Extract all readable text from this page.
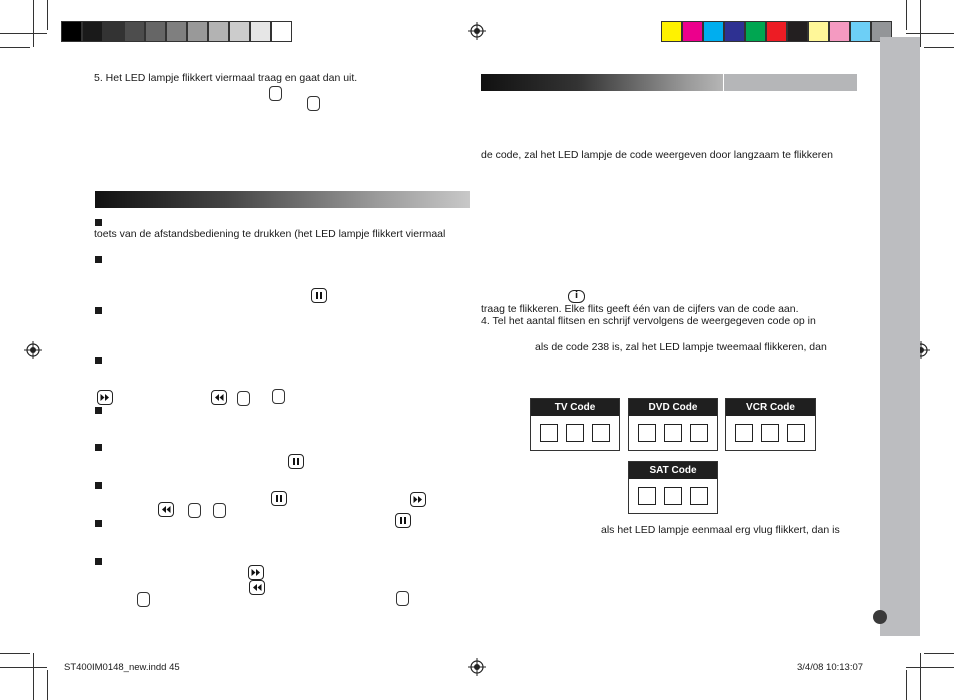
5. Het LED lampje flikkert viermaal traag en gaat dan uit.
toets van de afstandsbediening te drukken (het LED lampje flikkert viermaal
de code, zal het LED lampje de code weergeven door langzaam te flikkeren
i
traag te flikkeren. Elke flits geeft één van de cijfers van de code aan.
4. Tel het aantal flitsen en schrijf vervolgens de weergegeven code op in
als de code 238 is, zal het LED lampje tweemaal flikkeren, dan
TV Code	DVD Code	VCR Code
SAT Code
als het LED lampje eenmaal erg vlug flikkert, dan is
ST400IM0148_new.indd 45	3/4/08 10:13:07
